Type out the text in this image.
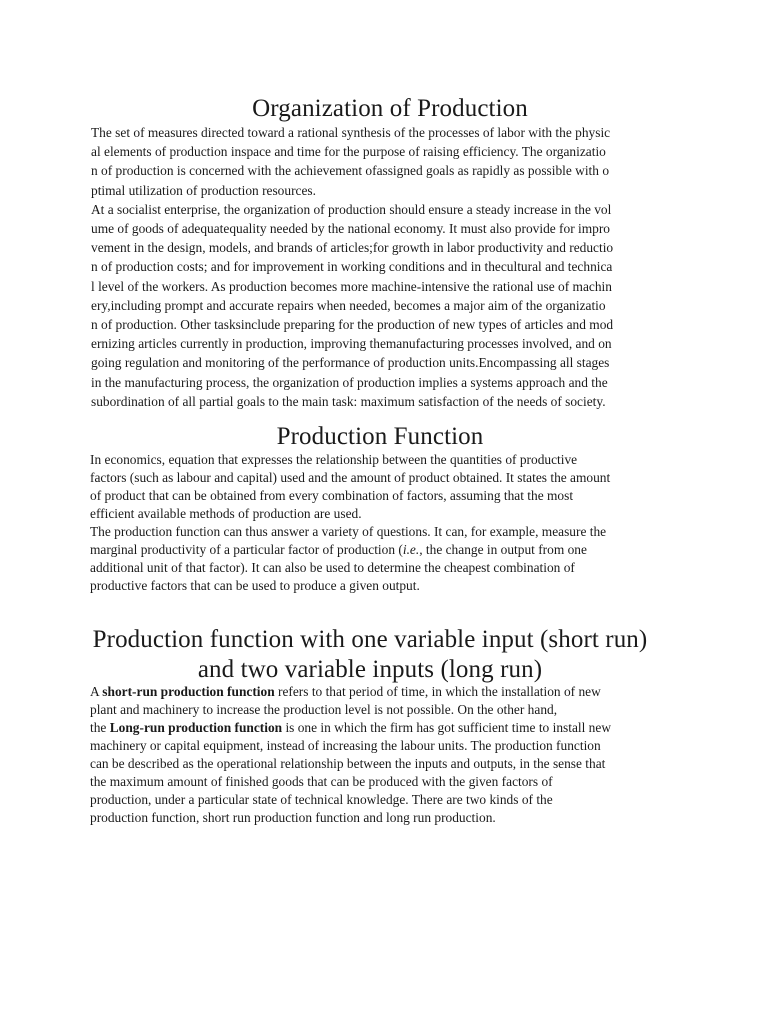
Organization of Production
The set of measures directed toward a rational synthesis of the processes of labor with the physic
al elements of production inspace and time for the purpose of raising efficiency. The organizatio
n of production is concerned with the achievement ofassigned goals as rapidly as possible with o
ptimal utilization of production resources.
At a socialist enterprise, the organization of production should ensure a steady increase in the vol
ume of goods of adequatequality needed by the national economy. It must also provide for impro
vement in the design, models, and brands of articles;for growth in labor productivity and reductio
n of production costs; and for improvement in working conditions and in thecultural and technica
l level of the workers. As production becomes more machine-intensive the rational use of machin
ery,including prompt and accurate repairs when needed, becomes a major aim of the organizatio
n of production. Other tasksinclude preparing for the production of new types of articles and mod
ernizing articles currently in production, improving themanufacturing processes involved, and on
going regulation and monitoring of the performance of production units.Encompassing all stages
in the manufacturing process, the organization of production implies a systems approach and the
subordination of all partial goals to the main task: maximum satisfaction of the needs of society.
Production Function
In economics, equation that expresses the relationship between the quantities of productive
factors (such as labour and capital) used and the amount of product obtained. It states the amount
of product that can be obtained from every combination of factors, assuming that the most
efficient available methods of production are used.
The production function can thus answer a variety of questions. It can, for example, measure the
marginal productivity of a particular factor of production (i.e., the change in output from one
additional unit of that factor). It can also be used to determine the cheapest combination of
productive factors that can be used to produce a given output.
Production function with one variable input (short run)
and two variable inputs (long run)
A short-run production function refers to that period of time, in which the installation of new
plant and machinery to increase the production level is not possible. On the other hand,
the Long-run production function is one in which the firm has got sufficient time to install new
machinery or capital equipment, instead of increasing the labour units. The production function
can be described as the operational relationship between the inputs and outputs, in the sense that
the maximum amount of finished goods that can be produced with the given factors of
production, under a particular state of technical knowledge. There are two kinds of the
production function, short run production function and long run production.
